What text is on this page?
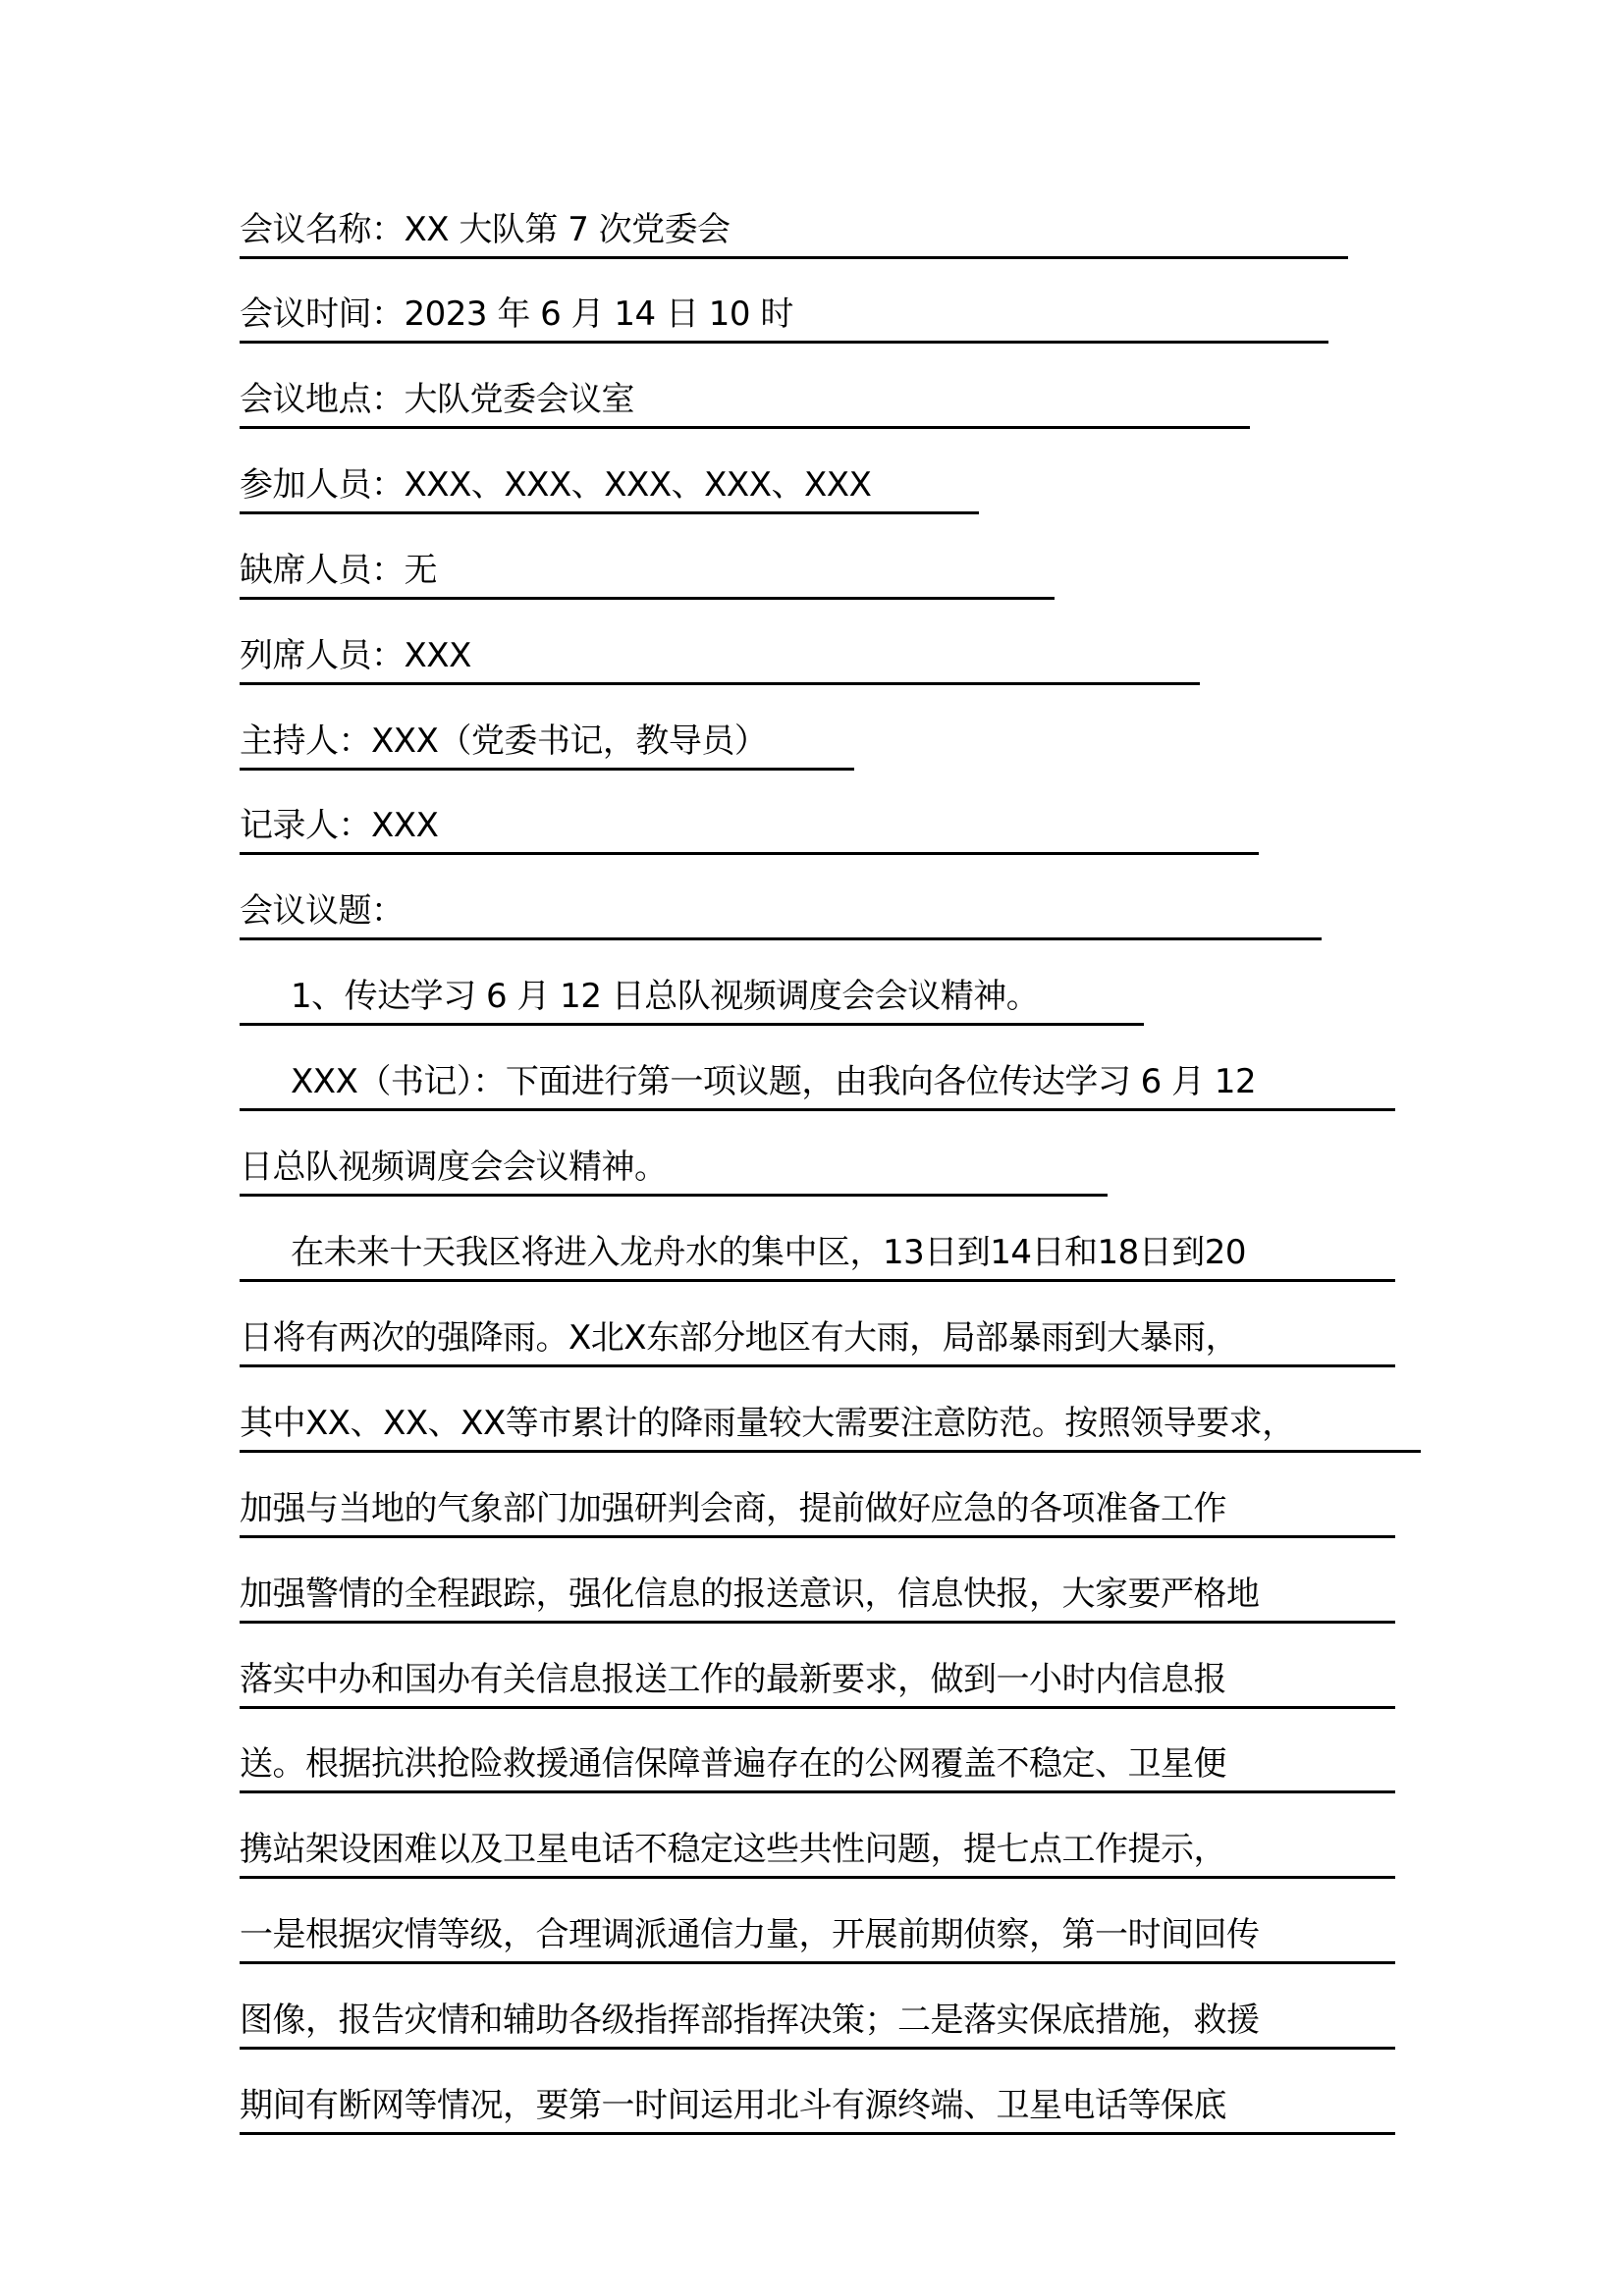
会议名称：XX 大队第 7 次党委会
会议时间：2023 年 6 月 14 日 10 时
会议地点：大队党委会议室
参加人员：XXX、XXX、XXX、XXX、XXX
缺席人员：无
列席人员：XXX
主持人：XXX（党委书记，教导员）
记录人：XXX
会议议题：
1、传达学习 6 月 12 日总队视频调度会会议精神。
XXX（书记）：下面进行第一项议题，由我向各位传达学习 6 月 12
日总队视频调度会会议精神。
在未来十天我区将进入龙舟水的集中区，13日到14日和18日到20
日将有两次的强降雨。X北X东部分地区有大雨，局部暴雨到大暴雨，
其中XX、XX、XX等市累计的降雨量较大需要注意防范。按照领导要求，
加强与当地的气象部门加强研判会商，提前做好应急的各项准备工作
加强警情的全程跟踪，强化信息的报送意识，信息快报，大家要严格地
落实中办和国办有关信息报送工作的最新要求，做到一小时内信息报
送。根据抗洪抢险救援通信保障普遍存在的公网覆盖不稳定、卫星便
携站架设困难以及卫星电话不稳定这些共性问题，提七点工作提示，
一是根据灾情等级，合理调派通信力量，开展前期侦察，第一时间回传
图像，报告灾情和辅助各级指挥部指挥决策；二是落实保底措施，救援
期间有断网等情况，要第一时间运用北斗有源终端、卫星电话等保底
